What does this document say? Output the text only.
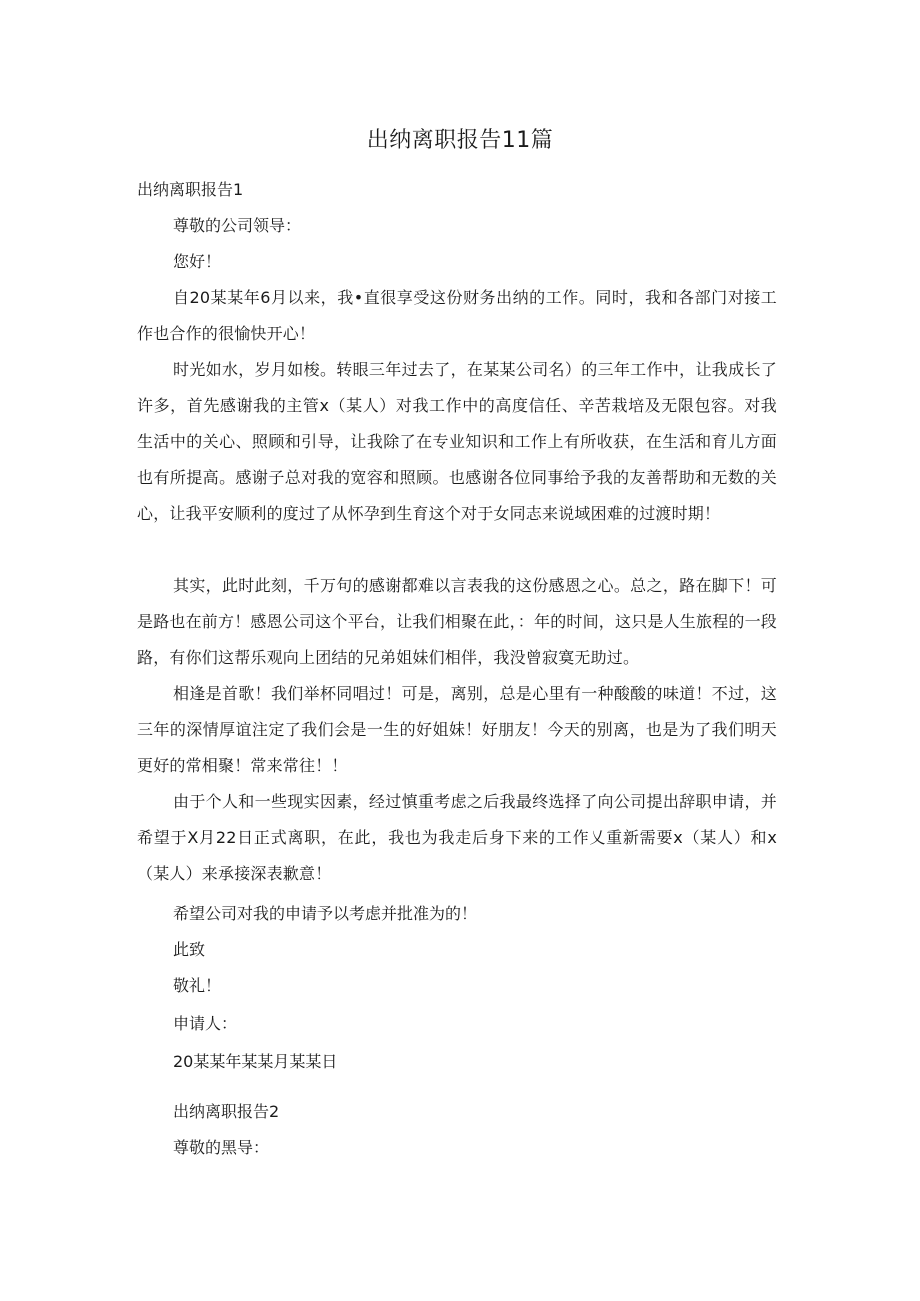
出纳离职报告11篇

出纳离职报告1

尊敬的公司领导：

您好！

自20某某年6月以来，我•直很享受这份财务出纳的工作。同时，我和各部门对接工作也合作的很愉快开心！

时光如水，岁月如梭。转眼三年过去了，在某某公司名）的三年工作中，让我成长了许多，首先感谢我的主管x（某人）对我工作中的高度信任、辛苦栽培及无限包容。对我生活中的关心、照顾和引导，让我除了在专业知识和工作上有所收获，在生活和育儿方面也有所提高。感谢子总对我的宽容和照顾。也感谢各位同事给予我的友善帮助和无数的关心，让我平安顺利的度过了从怀孕到生育这个对于女同志来说域困难的过渡时期！

其实，此时此刻，千万句的感谢都难以言表我的这份感恩之心。总之，路在脚下！可是路也在前方！感恩公司这个平台，让我们相聚在此，：年的时间，这只是人生旅程的一段路，有你们这帮乐观向上团结的兄弟姐妹们相伴，我没曾寂寞无助过。

相逢是首歌！我们举杯同唱过！可是，离别，总是心里有一种酸酸的味道！不过，这三年的深情厚谊注定了我们会是一生的好姐妹！好朋友！今天的别离，也是为了我们明天更好的常相聚！常来常往！！

由于个人和一些现实因素，经过慎重考虑之后我最终选择了向公司提出辞职申请，并希望于X月22日正式离职，在此，我也为我走后身下来的工作乂重新需要x（某人）和x（某人）来承接深表歉意！

希望公司对我的申请予以考虑并批准为的！

此致

敬礼！

申请人：

20某某年某某月某某日

出纳离职报告2

尊敬的黑导：
